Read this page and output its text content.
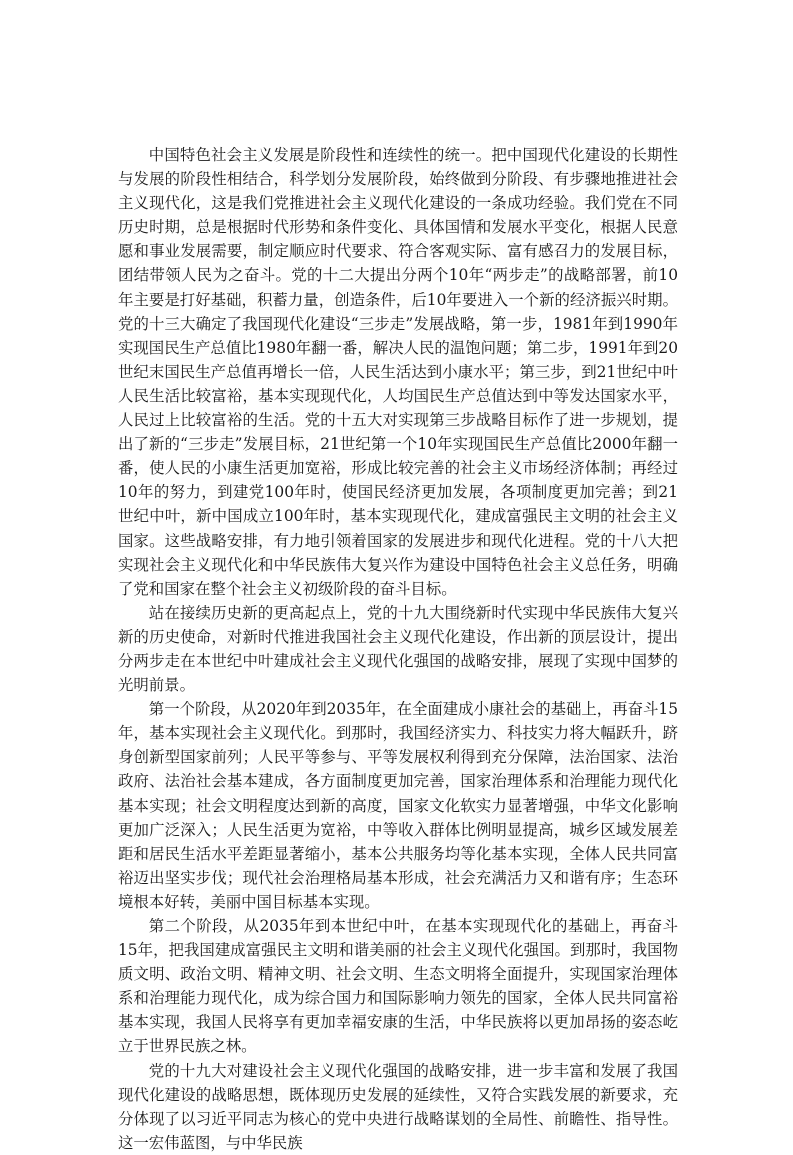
中国特色社会主义发展是阶段性和连续性的统一。把中国现代化建设的长期性与发展的阶段性相结合，科学划分发展阶段，始终做到分阶段、有步骤地推进社会主义现代化，这是我们党推进社会主义现代化建设的一条成功经验。我们党在不同历史时期，总是根据时代形势和条件变化、具体国情和发展水平变化，根据人民意愿和事业发展需要，制定顺应时代要求、符合客观实际、富有感召力的发展目标，团结带领人民为之奋斗。党的十二大提出分两个10年“两步走”的战略部署，前10年主要是打好基础，积蓄力量，创造条件，后10年要进入一个新的经济振兴时期。党的十三大确定了我国现代化建设“三步走”发展战略，第一步，1981年到1990年实现国民生产总值比1980年翻一番，解决人民的温饱问题；第二步，1991年到20世纪末国民生产总值再增长一倍，人民生活达到小康水平；第三步，到21世纪中叶人民生活比较富裕，基本实现现代化，人均国民生产总值达到中等发达国家水平，人民过上比较富裕的生活。党的十五大对实现第三步战略目标作了进一步规划，提出了新的“三步走”发展目标，21世纪第一个10年实现国民生产总值比2000年翻一番，使人民的小康生活更加宽裕，形成比较完善的社会主义市场经济体制；再经过10年的努力，到建党100年时，使国民经济更加发展，各项制度更加完善；到21世纪中叶，新中国成立100年时，基本实现现代化，建成富强民主文明的社会主义国家。这些战略安排，有力地引领着国家的发展进步和现代化进程。党的十八大把实现社会主义现代化和中华民族伟大复兴作为建设中国特色社会主义总任务，明确了党和国家在整个社会主义初级阶段的奋斗目标。

站在接续历史新的更高起点上，党的十九大围绕新时代实现中华民族伟大复兴新的历史使命，对新时代推进我国社会主义现代化建设，作出新的顶层设计，提出分两步走在本世纪中叶建成社会主义现代化强国的战略安排，展现了实现中国梦的光明前景。

第一个阶段，从2020年到2035年，在全面建成小康社会的基础上，再奋斗15年，基本实现社会主义现代化。到那时，我国经济实力、科技实力将大幅跃升，跻身创新型国家前列；人民平等参与、平等发展权利得到充分保障，法治国家、法治政府、法治社会基本建成，各方面制度更加完善，国家治理体系和治理能力现代化基本实现；社会文明程度达到新的高度，国家文化软实力显著增强，中华文化影响更加广泛深入；人民生活更为宽裕，中等收入群体比例明显提高，城乡区域发展差距和居民生活水平差距显著缩小，基本公共服务均等化基本实现，全体人民共同富裕迈出坚实步伐；现代社会治理格局基本形成，社会充满活力又和谐有序；生态环境根本好转，美丽中国目标基本实现。

第二个阶段，从2035年到本世纪中叶，在基本实现现代化的基础上，再奋斗15年，把我国建成富强民主文明和谐美丽的社会主义现代化强国。到那时，我国物质文明、政治文明、精神文明、社会文明、生态文明将全面提升，实现国家治理体系和治理能力现代化，成为综合国力和国际影响力领先的国家，全体人民共同富裕基本实现，我国人民将享有更加幸福安康的生活，中华民族将以更加昂扬的姿态屹立于世界民族之林。

党的十九大对建设社会主义现代化强国的战略安排，进一步丰富和发展了我国现代化建设的战略思想，既体现历史发展的延续性，又符合实践发展的新要求，充分体现了以习近平同志为核心的党中央进行战略谋划的全局性、前瞻性、指导性。这一宏伟蓝图，与中华民族
